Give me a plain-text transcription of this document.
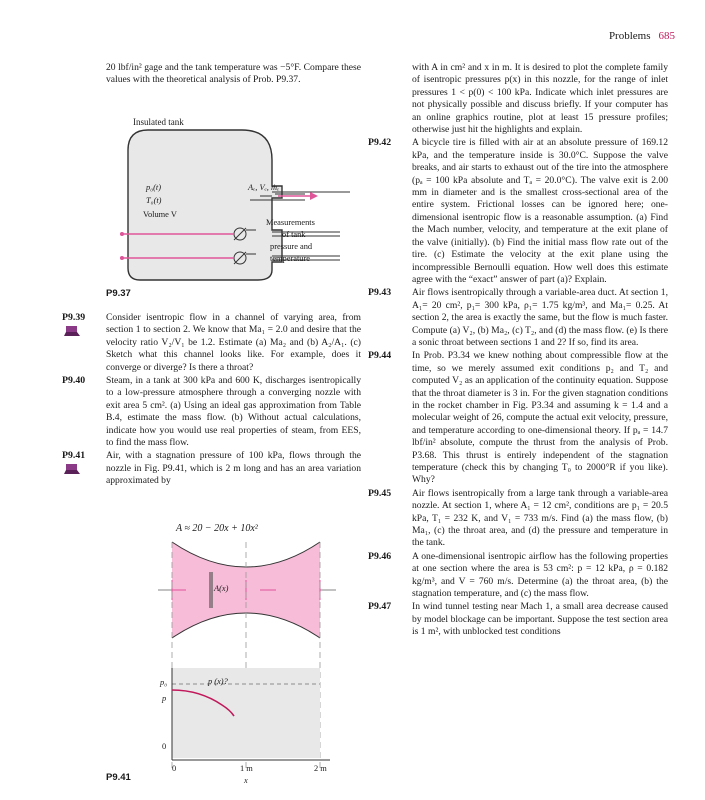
Problems 685

20 lbf/in² gage and the tank temperature was −5°F. Compare these values with the theoretical analysis of Prob. P9.37.

Insulated tank
p₀(t)
T₀(t)
Volume V
Aₑ, Vₑ, ṁₑ
Measurements
of tank
pressure and
temperature
P9.37
P9.39 Consider isentropic flow in a channel of varying area, from section 1 to section 2. We know that Ma₁ = 2.0 and desire that the velocity ratio V₂/V₁ be 1.2. Estimate (a) Ma₂ and (b) A₂/A₁. (c) Sketch what this channel looks like. For example, does it converge or diverge? Is there a throat?

P9.40 Steam, in a tank at 300 kPa and 600 K, discharges isentropically to a low-pressure atmosphere through a converging nozzle with exit area 5 cm². (a) Using an ideal gas approximation from Table B.4, estimate the mass flow. (b) Without actual calculations, indicate how you would use real properties of steam, from EES, to find the mass flow.

P9.41 Air, with a stagnation pressure of 100 kPa, flows through the nozzle in Fig. P9.41, which is 2 m long and has an area variation approximated by

A ≈ 20 − 20x + 10x²
A(x)
p (x)?
p₀
p
0
0	1 m	2 m
x
P9.41

with A in cm² and x in m. It is desired to plot the complete family of isentropic pressures p(x) in this nozzle, for the range of inlet pressures 1 < p(0) < 100 kPa. Indicate which inlet pressures are not physically possible and discuss briefly. If your computer has an online graphics routine, plot at least 15 pressure profiles; otherwise just hit the highlights and explain.

P9.42 A bicycle tire is filled with air at an absolute pressure of 169.12 kPa, and the temperature inside is 30.0°C. Suppose the valve breaks, and air starts to exhaust out of the tire into the atmosphere (pₐ = 100 kPa absolute and Tₐ = 20.0°C). The valve exit is 2.00 mm in diameter and is the smallest cross-sectional area of the entire system. Frictional losses can be ignored here; one-dimensional isentropic flow is a reasonable assumption. (a) Find the Mach number, velocity, and temperature at the exit plane of the valve (initially). (b) Find the initial mass flow rate out of the tire. (c) Estimate the velocity at the exit plane using the incompressible Bernoulli equation. How well does this estimate agree with the “exact” answer of part (a)? Explain.

P9.43 Air flows isentropically through a variable-area duct. At section 1, A₁= 20 cm², p₁= 300 kPa, ρ₁= 1.75 kg/m³, and Ma₁= 0.25. At section 2, the area is exactly the same, but the flow is much faster. Compute (a) V₂, (b) Ma₂, (c) T₂, and (d) the mass flow. (e) Is there a sonic throat between sections 1 and 2? If so, find its area.

P9.44 In Prob. P3.34 we knew nothing about compressible flow at the time, so we merely assumed exit conditions p₂ and T₂ and computed V₂ as an application of the continuity equation. Suppose that the throat diameter is 3 in. For the given stagnation conditions in the rocket chamber in Fig. P3.34 and assuming k = 1.4 and a molecular weight of 26, compute the actual exit velocity, pressure, and temperature according to one-dimensional theory. If pₐ = 14.7 lbf/in² absolute, compute the thrust from the analysis of Prob. P3.68. This thrust is entirely independent of the stagnation temperature (check this by changing T₀ to 2000°R if you like). Why?

P9.45 Air flows isentropically from a large tank through a variable-area nozzle. At section 1, where A₁ = 12 cm², conditions are p₁ = 20.5 kPa, T₁ = 232 K, and V₁ = 733 m/s. Find (a) the mass flow, (b) Ma₁, (c) the throat area, and (d) the pressure and temperature in the tank.

P9.46 A one-dimensional isentropic airflow has the following properties at one section where the area is 53 cm²: p = 12 kPa, ρ = 0.182 kg/m³, and V = 760 m/s. Determine (a) the throat area, (b) the stagnation temperature, and (c) the mass flow.

P9.47 In wind tunnel testing near Mach 1, a small area decrease caused by model blockage can be important. Suppose the test section area is 1 m², with unblocked test conditions
